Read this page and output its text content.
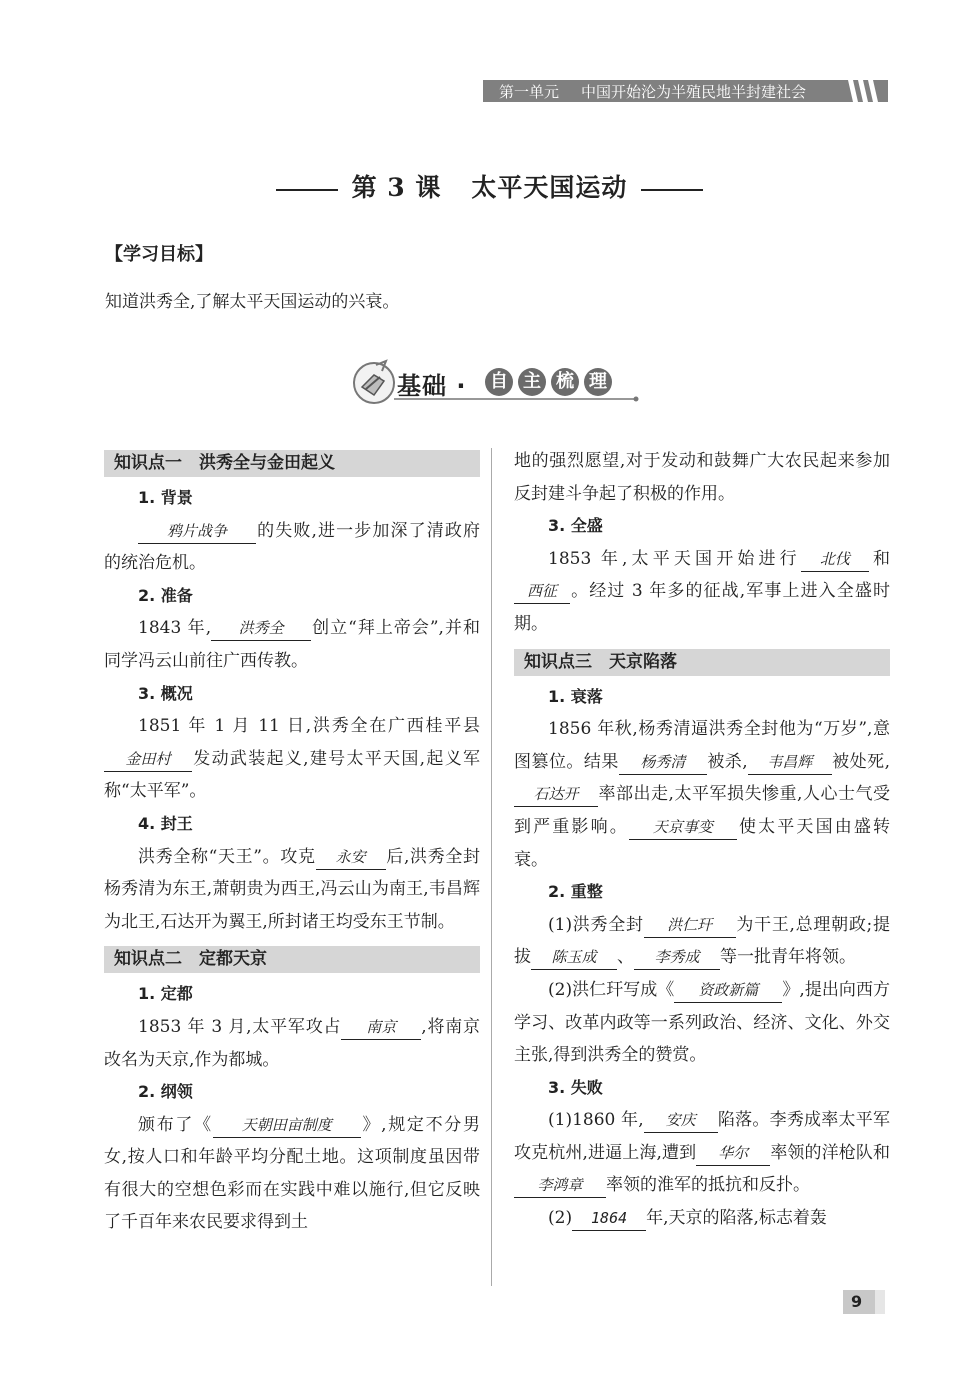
第一单元 中国开始沦为半殖民地半封建社会
第 3 课 太平天国运动
【学习目标】
知道洪秀全,了解太平天国运动的兴衰。
基础 · 自 主 梳 理
知识点一　洪秀全与金田起义

1. 背景

鸦片战争 的失败,进一步加深了清政府的统治危机。

2. 准备

1843 年, 洪秀全 创立“拜上帝会”,并和同学冯云山前往广西传教。

3. 概况

1851 年 1 月 11 日,洪秀全在广西桂平县金田村 发动武装起义,建号太平天国,起义军称“太平军”。

4. 封王

洪秀全称“天王”。攻克 永安 后,洪秀全封杨秀清为东王,萧朝贵为西王,冯云山为南王,韦昌辉为北王,石达开为翼王,所封诸王均受东王节制。

知识点二　定都天京

1. 定都

1853 年 3 月,太平军攻占 南京 ,将南京改名为天京,作为都城。

2. 纲领

颁布了《 天朝田亩制度 》,规定不分男女,按人口和年龄平均分配土地。这项制度虽因带有很大的空想色彩而在实践中难以施行,但它反映了千百年来农民要求得到土

地的强烈愿望,对于发动和鼓舞广大农民起来参加反封建斗争起了积极的作用。

3. 全盛

1853 年,太平天国开始进行 北伐 和西征 。经过 3 年多的征战,军事上进入全盛时期。

知识点三　天京陷落

1. 衰落

1856 年秋,杨秀清逼洪秀全封他为“万岁”,意图篡位。结果 杨秀清 被杀, 韦昌辉 被处死,石达开 率部出走,太平军损失惨重,人心士气受到严重影响。 天京事变 使太平天国由盛转衰。

2. 重整

(1)洪秀全封 洪仁玕 为干王,总理朝政;提拔 陈玉成 、 李秀成 等一批青年将领。

(2)洪仁玕写成《 资政新篇 》,提出向西方学习、改革内政等一系列政治、经济、文化、外交主张,得到洪秀全的赞赏。

3. 失败

(1)1860 年, 安庆 陷落。李秀成率太平军攻克杭州,进逼上海,遭到 华尔 率领的洋枪队和李鸿章 率领的淮军的抵抗和反扑。

(2) 1864 年,天京的陷落,标志着轰

9
